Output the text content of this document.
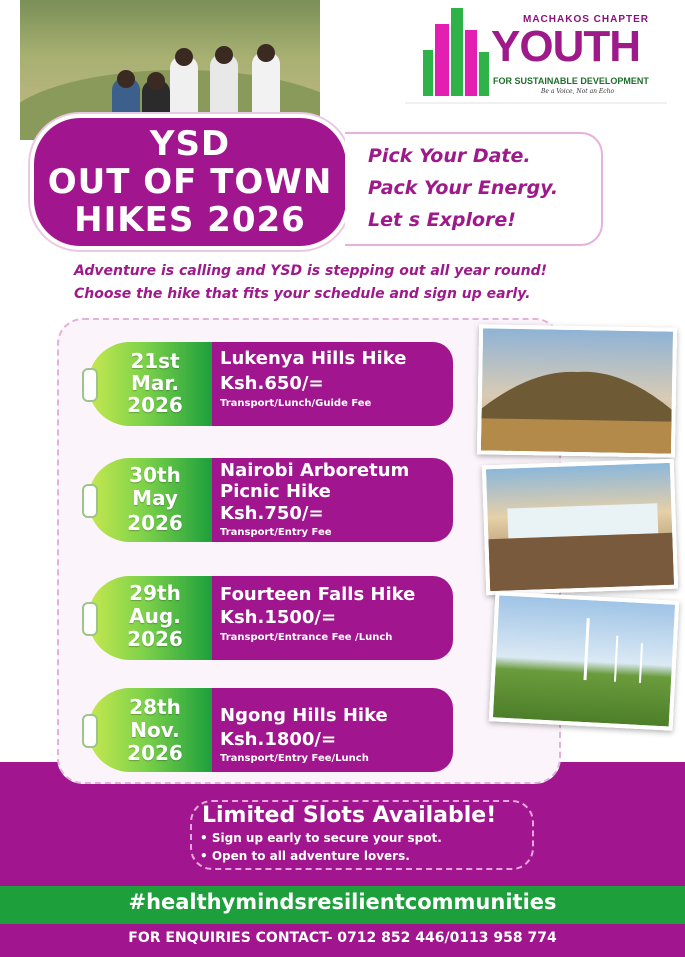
MACHAKOS CHAPTER
YOUTH
FOR SUSTAINABLE DEVELOPMENT
Be a Voice, Not an Echo
YSD
OUT OF TOWN
HIKES 2026
Pick Your Date.
Pack Your Energy.
Let s Explore!
Adventure is calling and YSD is stepping out all year round!
Choose the hike that fits your schedule and sign up early.
21st
Mar.
2026
Lukenya Hills Hike
Ksh.650/=
Transport/Lunch/Guide Fee
30th
May
2026
Nairobi Arboretum
Picnic Hike
Ksh.750/=
Transport/Entry Fee
29th
Aug.
2026
Fourteen Falls Hike
Ksh.1500/=
Transport/Entrance Fee /Lunch
28th
Nov.
2026
Ngong Hills Hike
Ksh.1800/=
Transport/Entry Fee/Lunch
Limited Slots Available!
• Sign up early to secure your spot.
• Open to all adventure lovers.
#healthymindsresilientcommunities
FOR ENQUIRIES CONTACT- 0712 852 446/0113 958 774
